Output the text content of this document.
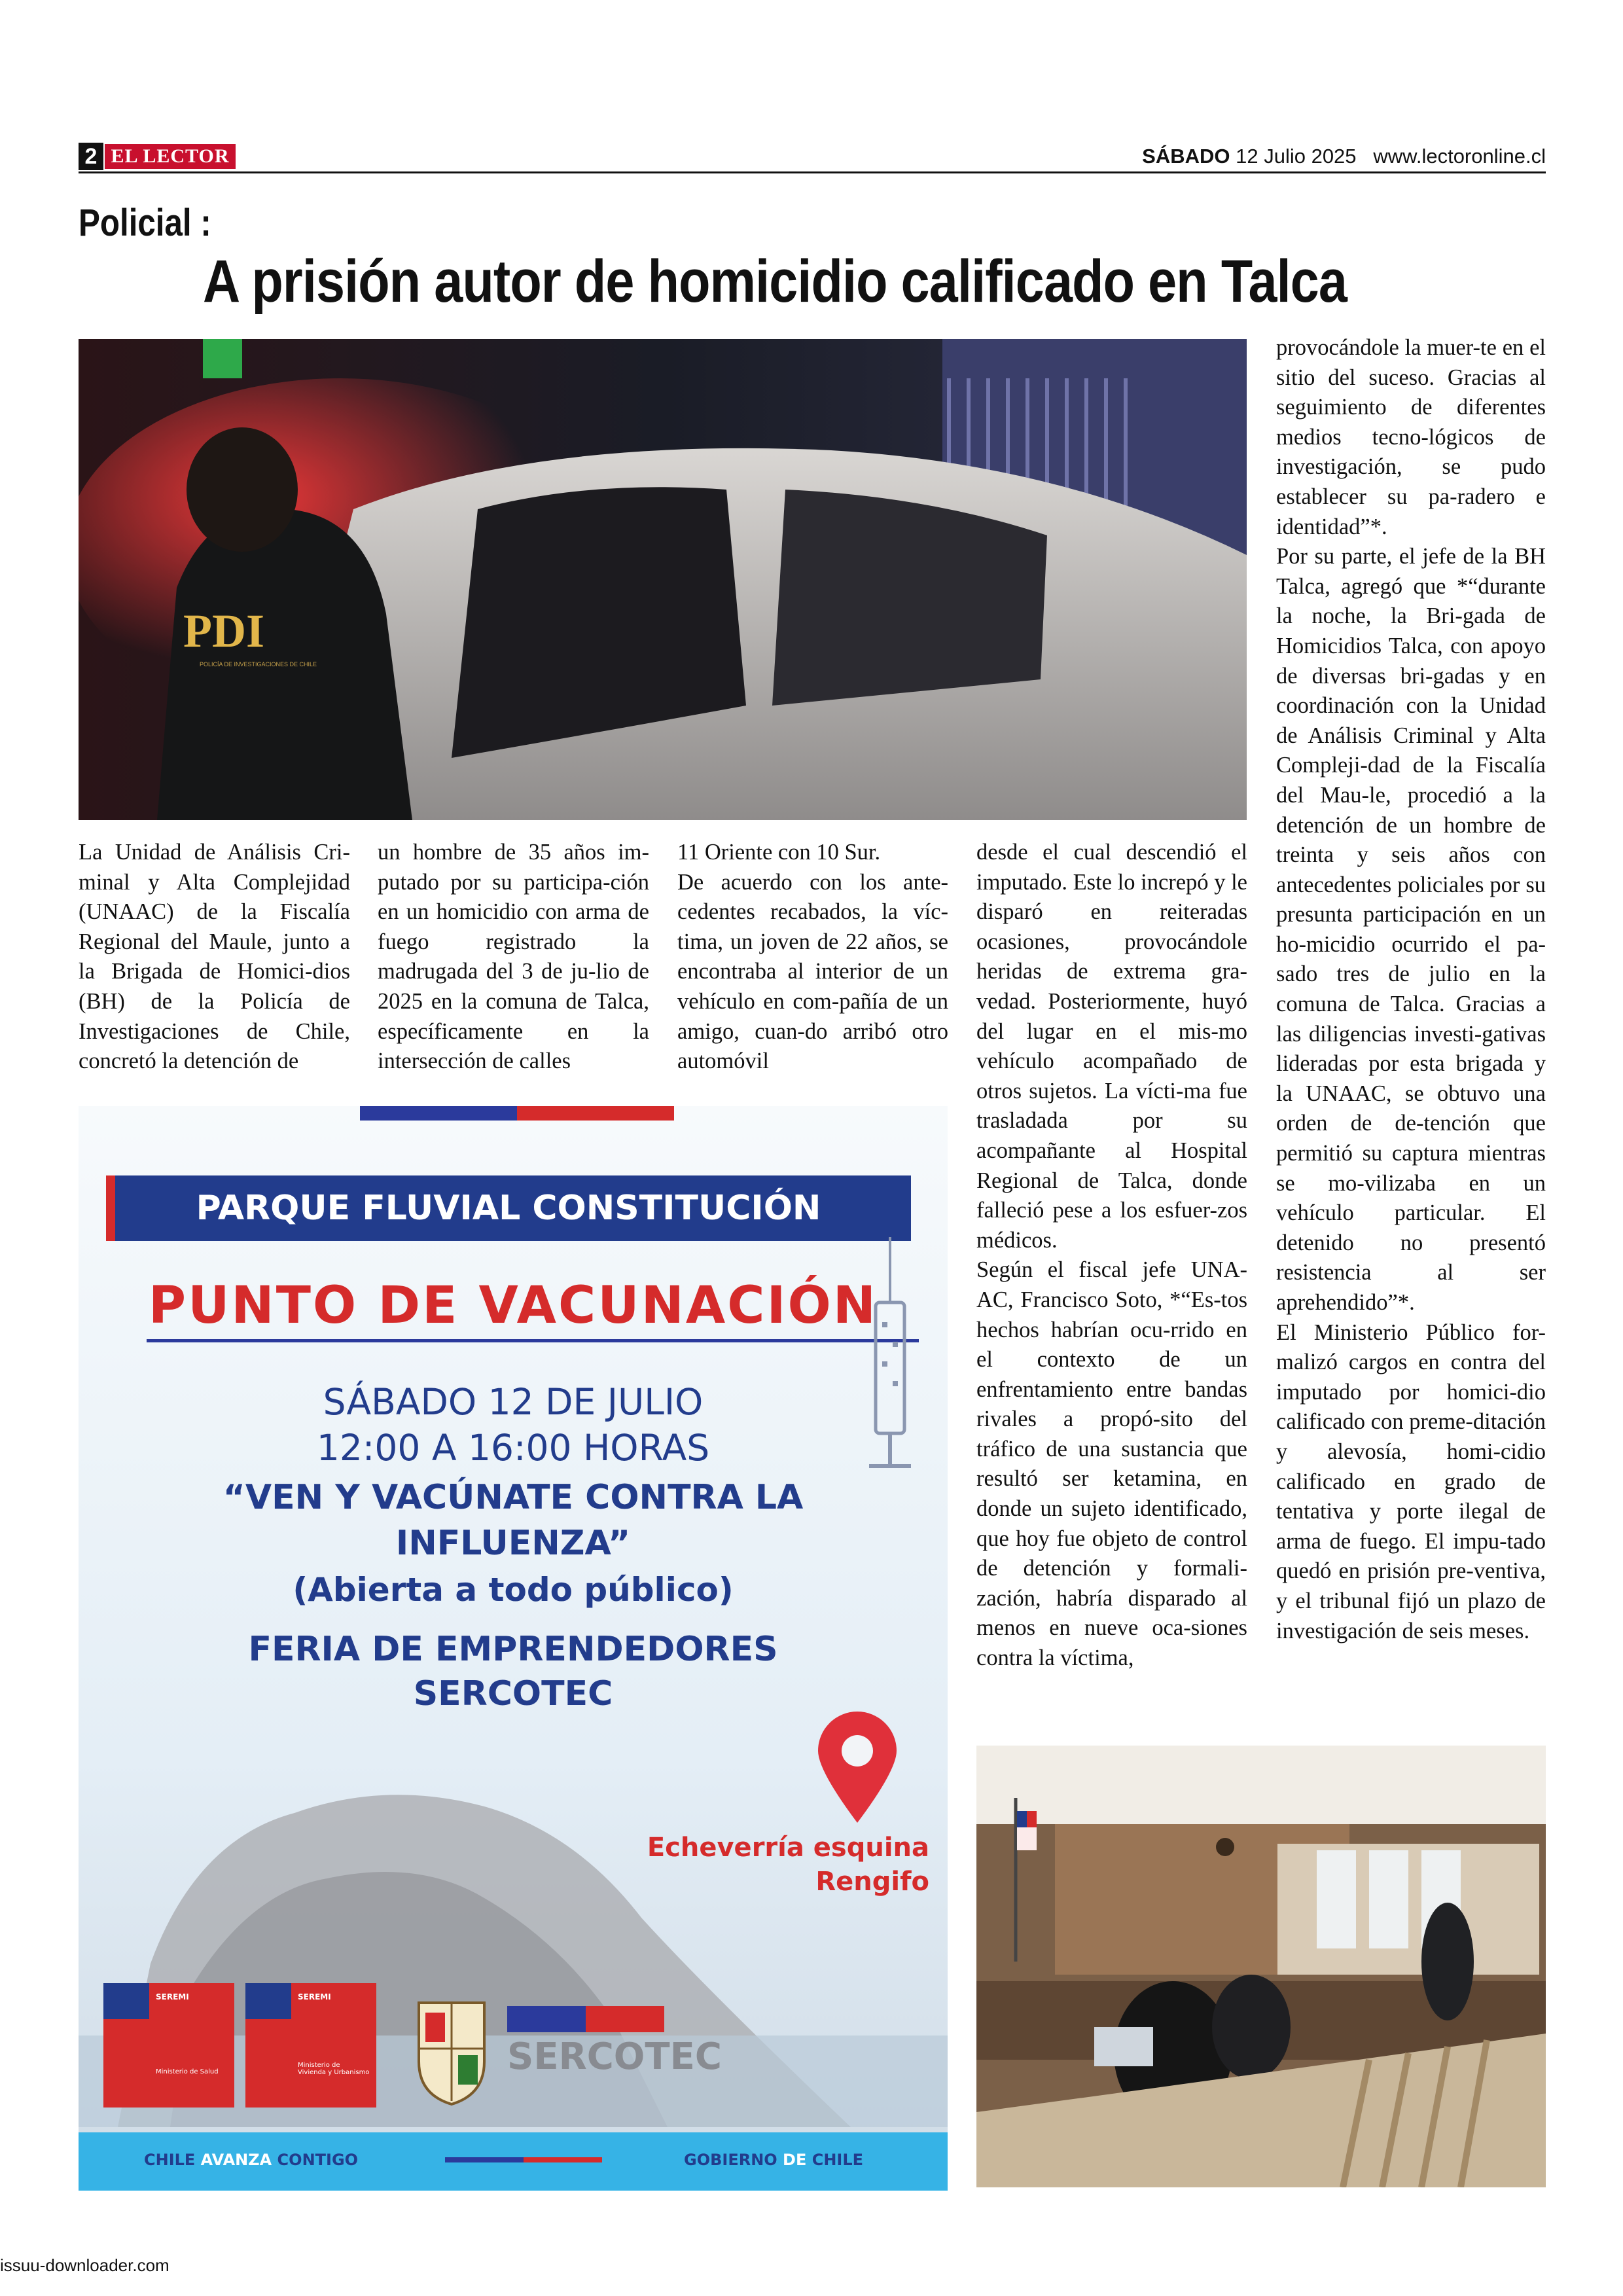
2 EL LECTOR	SÁBADO 12 Julio 2025 www.lectoronline.cl
Policial :
A prisión autor de homicidio calificado en Talca
PDI
POLICÍA DE INVESTIGACIONES DE CHILE

La Unidad de Análisis Cri-minal y Alta Complejidad (UNAAC) de la Fiscalía Regional del Maule, junto a la Brigada de Homici-dios (BH) de la Policía de Investigaciones de Chile, concretó la detención de

un hombre de 35 años im-putado por su participa-ción en un homicidio con arma de fuego registrado la madrugada del 3 de ju-lio de 2025 en la comuna de Talca, específicamente en la intersección de calles

11 Oriente con 10 Sur.

De acuerdo con los ante-cedentes recabados, la víc-tima, un joven de 22 años, se encontraba al interior de un vehículo en com-pañía de un amigo, cuan-do arribó otro automóvil

desde el cual descendió el imputado. Este lo increpó y le disparó en reiteradas ocasiones, provocándole heridas de extrema gra-vedad. Posteriormente, huyó del lugar en el mis-mo vehículo acompañado de otros sujetos. La vícti-ma fue trasladada por su acompañante al Hospital Regional de Talca, donde falleció pese a los esfuer-zos médicos.

Según el fiscal jefe UNA-AC, Francisco Soto, *“Es-tos hechos habrían ocu-rrido en el contexto de un enfrentamiento entre bandas rivales a propó-sito del tráfico de una sustancia que resultó ser ketamina, en donde un sujeto identificado, que hoy fue objeto de control de detención y formali-zación, habría disparado al menos en nueve oca-siones contra la víctima,

provocándole la muer-te en el sitio del suceso. Gracias al seguimiento de diferentes medios tecno-lógicos de investigación, se pudo establecer su pa-radero e identidad”*.

Por su parte, el jefe de la BH Talca, agregó que *“durante la noche, la Bri-gada de Homicidios Talca, con apoyo de diversas bri-gadas y en coordinación con la Unidad de Análisis Criminal y Alta Compleji-dad de la Fiscalía del Mau-le, procedió a la detención de un hombre de treinta y seis años con antecedentes policiales por su presunta participación en un ho-micidio ocurrido el pa-sado tres de julio en la comuna de Talca. Gracias a las diligencias investi-gativas lideradas por esta brigada y la UNAAC, se obtuvo una orden de de-tención que permitió su captura mientras se mo-vilizaba en un vehículo particular. El detenido no presentó resistencia al ser aprehendido”*.

El Ministerio Público for-malizó cargos en contra del imputado por homici-dio calificado con preme-ditación y alevosía, homi-cidio calificado en grado de tentativa y porte ilegal de arma de fuego. El impu-tado quedó en prisión pre-ventiva, y el tribunal fijó un plazo de investigación de seis meses.

PARQUE FLUVIAL CONSTITUCIÓN
PUNTO DE VACUNACIÓN
SÁBADO 12 DE JULIO
12:00 A 16:00 HORAS
“VEN Y VACÚNATE CONTRA LA
INFLUENZA”
(Abierta a todo público)
FERIA DE EMPRENDEDORES
SERCOTEC
Echeverría esquina
Rengifo
SEREMI
Ministerio de Salud
SEREMI
Ministerio de Vivienda y Urbanismo	SERCOTEC
CHILE AVANZA CONTIGO	GOBIERNO DE CHILE
issuu-downloader.com
